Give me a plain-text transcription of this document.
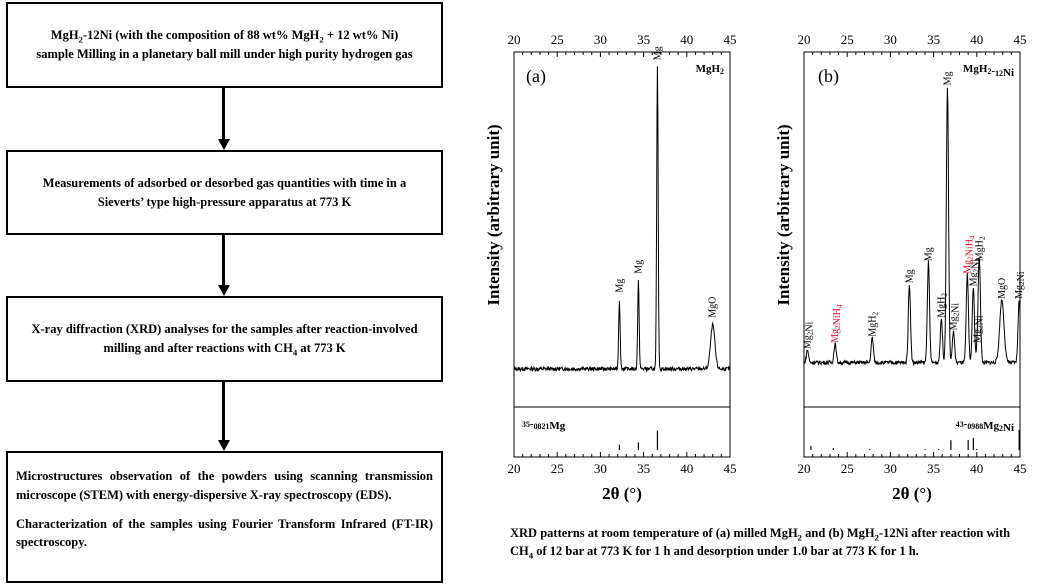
MgH$_2$-12Ni (with the composition of 88 wt% MgH$_2$ + 12 wt% Ni)
sample Milling in a planetary ball mill under high purity hydrogen gas
Measurements of adsorbed or desorbed gas quantities with time in a Sieverts’ type high-pressure apparatus at 773 K
X-ray diffraction (XRD) analyses for the samples after reaction-involved milling and after reactions with $CH_4$ at 773 K

Microstructures observation of the powders using scanning transmission microscope (STEM) with energy-dispersive X-ray spectroscopy (EDS).

Characterization of the samples using Fourier Transform Infrared (FT-IR) spectroscopy.

Intensity (arbitrary unit)	Intensity (arbitrary unit)
20
20
25
25
30
30
35
35
40
40
45
45
2θ (°)
(a)	MgH2
Mg
Mg
Mg
MgO
35-0821Mg
20
20
25
25
30
30
35
35
40
40
45
45
2θ (°)
(b)	MgH2-12Ni
$Mg_2Ni$
$Mg_2NiH_4$
MgH$_2$
Mg
Mg
MgH$_2$
Mg
$Mg_2Ni$
$Mg_2NiH_4$
$Mg_2Ni$
$Mg_2Ni$
MgH$_2$
MgO $Mg_2Ni$
43-0988Mg2Ni
XRD patterns at room temperature of (a) milled MgH$_2$ and (b) MgH$_2$-12Ni after reaction with $CH_4$ of 12 bar at 773 K for 1 h and desorption under 1.0 bar at 773 K for 1 h.
